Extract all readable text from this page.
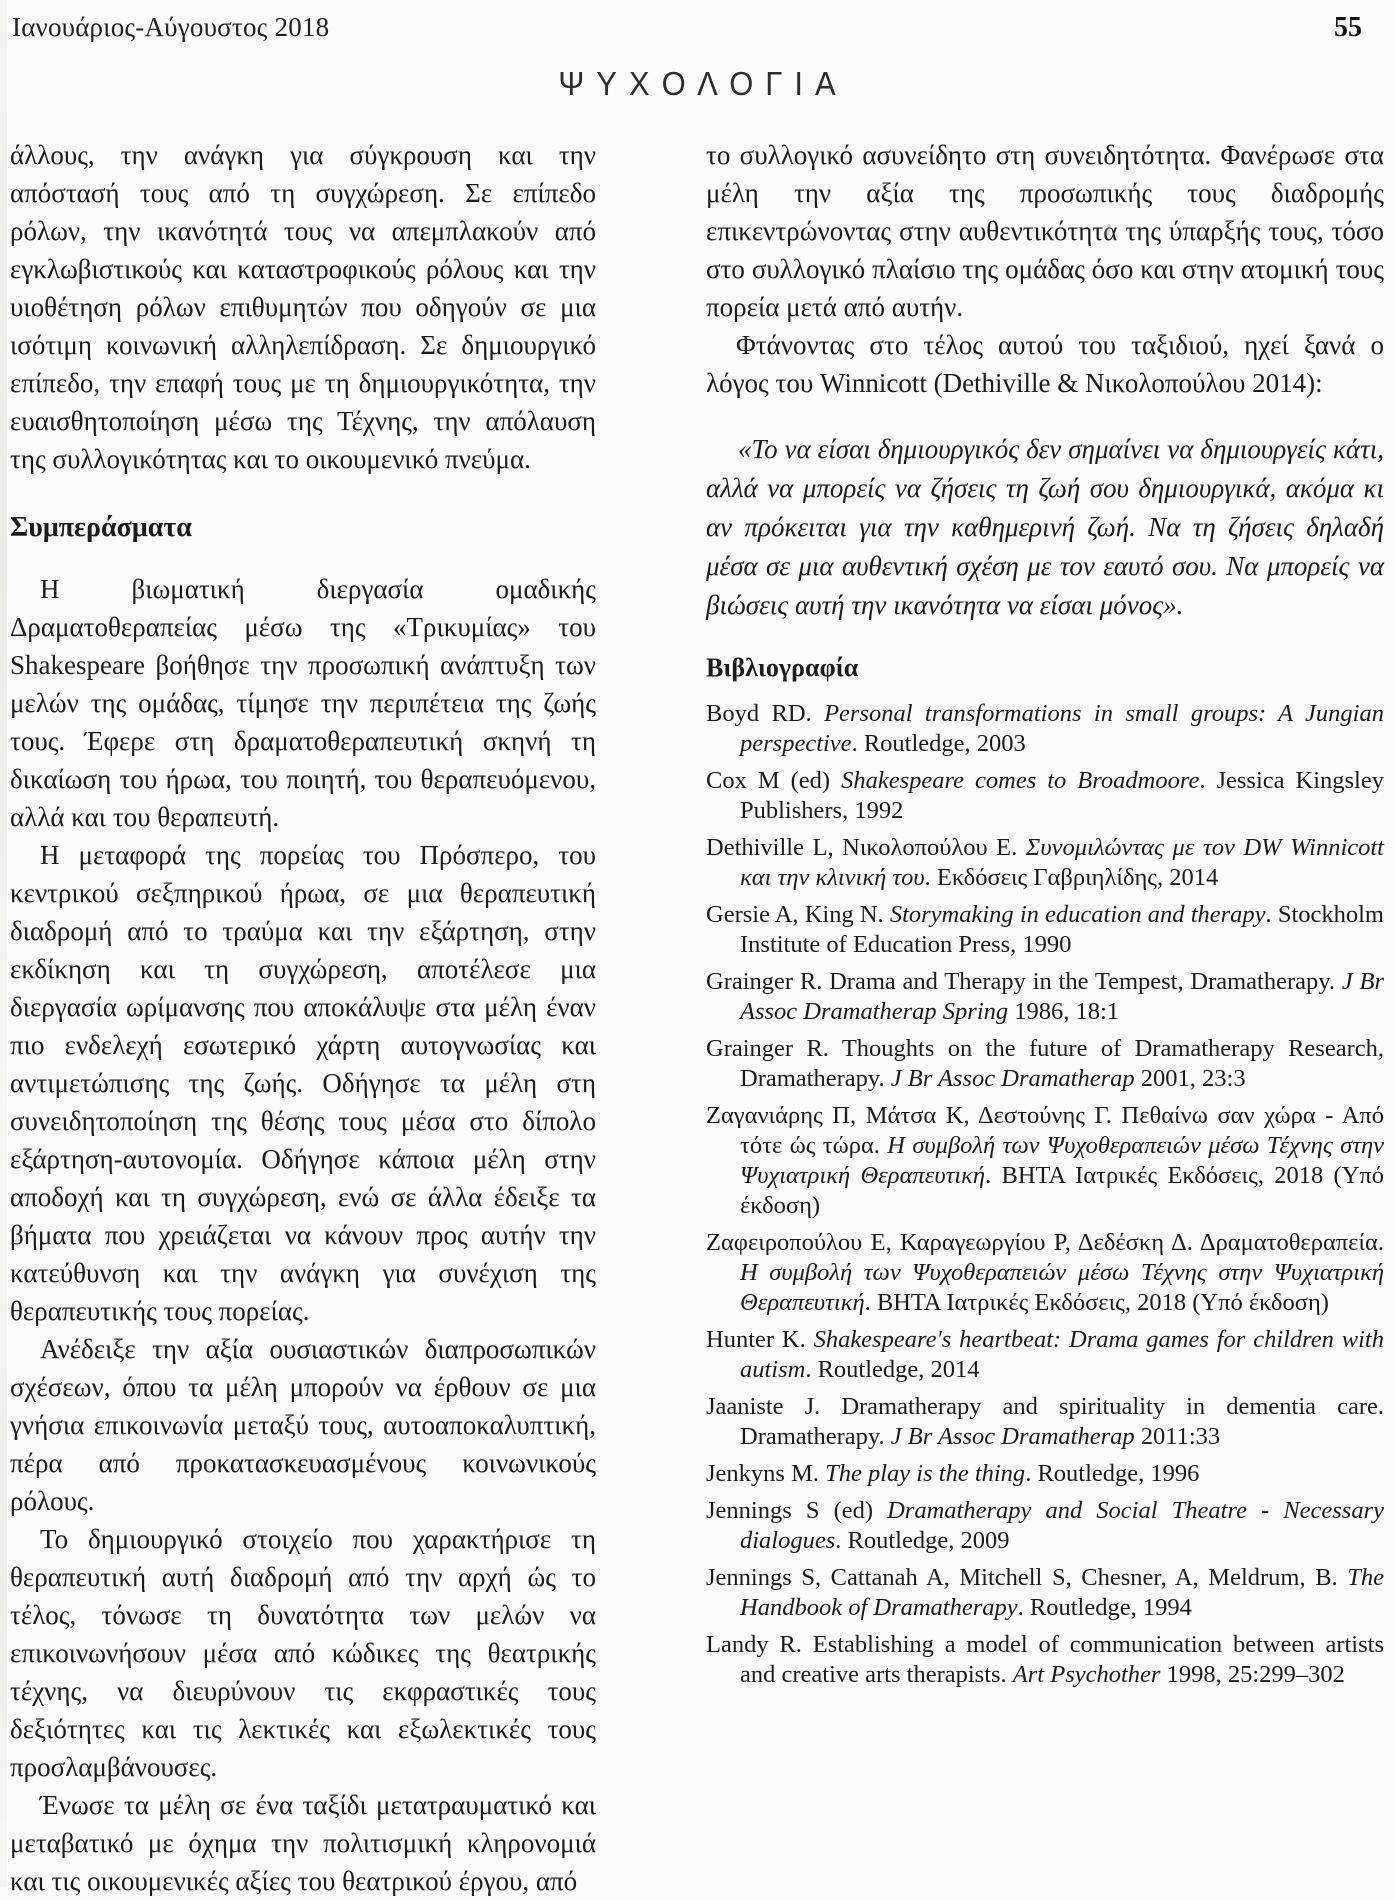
Ιανουάριος-Αύγουστος 2018	55
ΨΥΧΟΛΟΓΙΑ

άλλους, την ανάγκη για σύγκρουση και την απόστασή τους από τη συγχώρεση. Σε επίπεδο ρόλων, την ικανότητά τους να απεμπλακούν από εγκλωβιστικούς και καταστροφικούς ρόλους και την υιοθέτηση ρόλων επιθυμητών που οδηγούν σε μια ισότιμη κοινωνική αλληλεπίδραση. Σε δημιουργικό επίπεδο, την επαφή τους με τη δημιουργικότητα, την ευαισθητοποίηση μέσω της Τέχνης, την απόλαυση της συλλογικότητας και το οικουμενικό πνεύμα.

Συμπεράσματα

Η βιωματική διεργασία ομαδικής Δραματοθεραπείας μέσω της «Τρικυμίας» του Shakespeare βοήθησε την προσωπική ανάπτυξη των μελών της ομάδας, τίμησε την περιπέτεια της ζωής τους. Έφερε στη δραματοθεραπευτική σκηνή τη δικαίωση του ήρωα, του ποιητή, του θεραπευόμενου, αλλά και του θεραπευτή.

Η μεταφορά της πορείας του Πρόσπερο, του κεντρικού σεξπηρικού ήρωα, σε μια θεραπευτική διαδρομή από το τραύμα και την εξάρτηση, στην εκδίκηση και τη συγχώρεση, αποτέλεσε μια διεργασία ωρίμανσης που αποκάλυψε στα μέλη έναν πιο ενδελεχή εσωτερικό χάρτη αυτογνωσίας και αντιμετώπισης της ζωής. Οδήγησε τα μέλη στη συνειδητοποίηση της θέσης τους μέσα στο δίπολο εξάρτηση-αυτονομία. Οδήγησε κάποια μέλη στην αποδοχή και τη συγχώρεση, ενώ σε άλλα έδειξε τα βήματα που χρειάζεται να κάνουν προς αυτήν την κατεύθυνση και την ανάγκη για συνέχιση της θεραπευτικής τους πορείας.

Ανέδειξε την αξία ουσιαστικών διαπροσωπικών σχέσεων, όπου τα μέλη μπορούν να έρθουν σε μια γνήσια επικοινωνία μεταξύ τους, αυτοαποκαλυπτική, πέρα από προκατασκευασμένους κοινωνικούς ρόλους.

Το δημιουργικό στοιχείο που χαρακτήρισε τη θεραπευτική αυτή διαδρομή από την αρχή ώς το τέλος, τόνωσε τη δυνατότητα των μελών να επικοινωνήσουν μέσα από κώδικες της θεατρικής τέχνης, να διευρύνουν τις εκφραστικές τους δεξιότητες και τις λεκτικές και εξωλεκτικές τους προσλαμβάνουσες.

Ένωσε τα μέλη σε ένα ταξίδι μετατραυματικό και μεταβατικό με όχημα την πολιτισμική κληρονομιά και τις οικουμενικές αξίες του θεατρικού έργου, από

το συλλογικό ασυνείδητο στη συνειδητότητα. Φανέρωσε στα μέλη την αξία της προσωπικής τους διαδρομής επικεντρώνοντας στην αυθεντικότητα της ύπαρξής τους, τόσο στο συλλογικό πλαίσιο της ομάδας όσο και στην ατομική τους πορεία μετά από αυτήν.

Φτάνοντας στο τέλος αυτού του ταξιδιού, ηχεί ξανά ο λόγος του Winnicott (Dethiville & Νικολοπούλου 2014):

«Το να είσαι δημιουργικός δεν σημαίνει να δημιουργείς κάτι, αλλά να μπορείς να ζήσεις τη ζωή σου δημιουργικά, ακόμα κι αν πρόκειται για την καθημερινή ζωή. Να τη ζήσεις δηλαδή μέσα σε μια αυθεντική σχέση με τον εαυτό σου. Να μπορείς να βιώσεις αυτή την ικανότητα να είσαι μόνος».

Βιβλιογραφία

Boyd RD. Personal transformations in small groups: A Jungian perspective. Routledge, 2003

Cox M (ed) Shakespeare comes to Broadmoore. Jessica Kingsley Publishers, 1992

Dethiville L, Νικολοπούλου Ε. Συνομιλώντας με τον DW Winnicott και την κλινική του. Εκδόσεις Γαβριηλίδης, 2014

Gersie A, King N. Storymaking in education and therapy. Stockholm Institute of Education Press, 1990

Grainger R. Drama and Therapy in the Tempest, Dramatherapy. J Br Assoc Dramatherap Spring 1986, 18:1

Grainger R. Thoughts on the future of Dramatherapy Research, Dramatherapy. J Br Assoc Dramatherap 2001, 23:3

Ζαγανιάρης Π, Μάτσα Κ, Δεστούνης Γ. Πεθαίνω σαν χώρα - Από τότε ώς τώρα. Η συμβολή των Ψυχοθεραπειών μέσω Τέχνης στην Ψυχιατρική Θεραπευτική. ΒΗΤΑ Ιατρικές Εκδόσεις, 2018 (Υπό έκδοση)

Ζαφειροπούλου Ε, Καραγεωργίου Ρ, Δεδέσκη Δ. Δραματοθεραπεία. Η συμβολή των Ψυχοθεραπειών μέσω Τέχνης στην Ψυχιατρική Θεραπευτική. ΒΗΤΑ Ιατρικές Εκδόσεις, 2018 (Υπό έκδοση)

Hunter K. Shakespeare's heartbeat: Drama games for children with autism. Routledge, 2014

Jaaniste J. Dramatherapy and spirituality in dementia care. Dramatherapy. J Br Assoc Dramatherap 2011:33

Jenkyns M. The play is the thing. Routledge, 1996

Jennings S (ed) Dramatherapy and Social Theatre - Necessary dialogues. Routledge, 2009

Jennings S, Cattanah A, Mitchell S, Chesner, A, Meldrum, B. The Handbook of Dramatherapy. Routledge, 1994

Landy R. Establishing a model of communication between artists and creative arts therapists. Art Psychother 1998, 25:299–302
